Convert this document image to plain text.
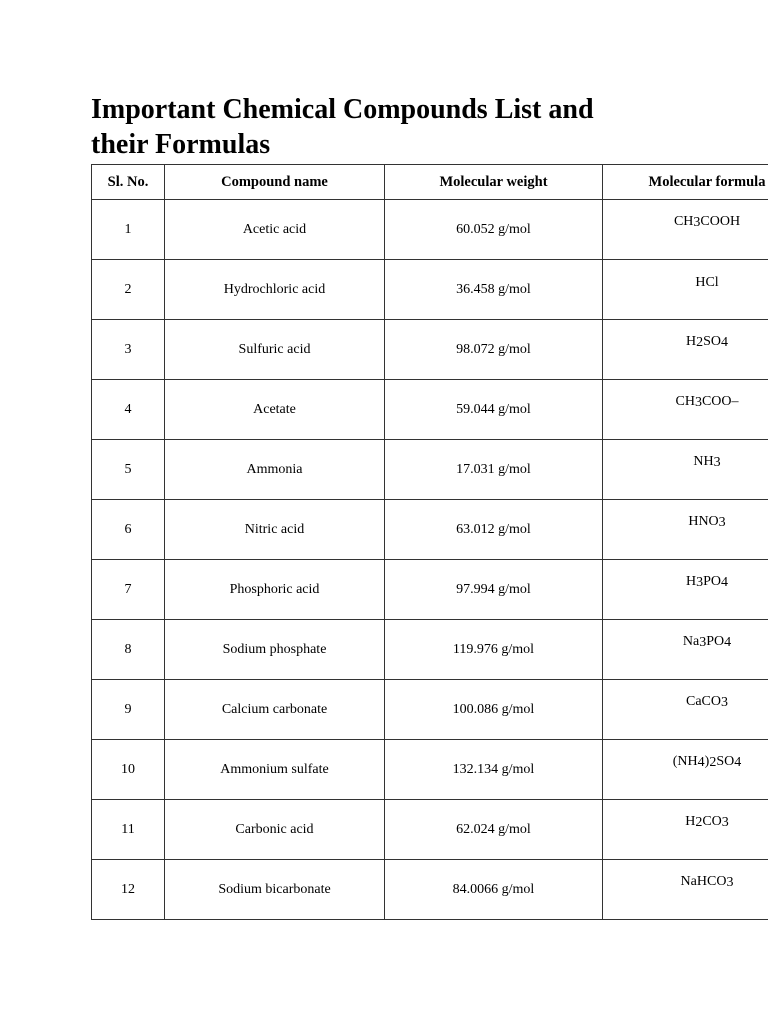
Important Chemical Compounds List and
their Formulas
Sl. No.	Compound name	Molecular weight	Molecular formula
1	Acetic acid	60.052 g/mol	CH3COOH
2	Hydrochloric acid	36.458 g/mol	HCl
3	Sulfuric acid	98.072 g/mol	H2SO4
4	Acetate	59.044 g/mol	CH3COO–
5	Ammonia	17.031 g/mol	NH3
6	Nitric acid	63.012 g/mol	HNO3
7	Phosphoric acid	97.994 g/mol	H3PO4
8	Sodium phosphate	119.976 g/mol	Na3PO4
9	Calcium carbonate	100.086 g/mol	CaCO3
10	Ammonium sulfate	132.134 g/mol	(NH4)2SO4
11	Carbonic acid	62.024 g/mol	H2CO3
12	Sodium bicarbonate	84.0066 g/mol	NaHCO3
